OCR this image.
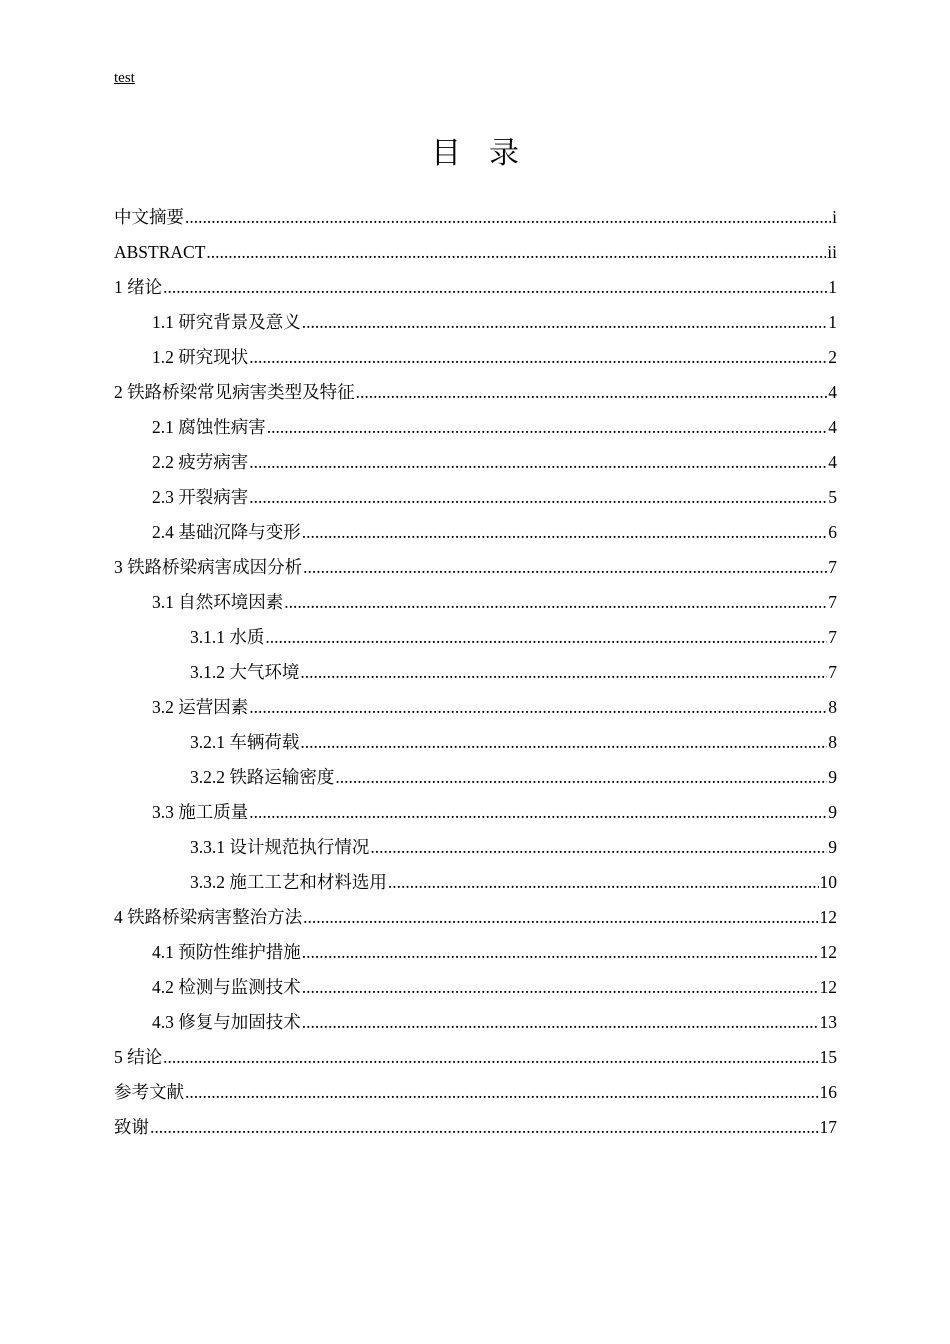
test
目录
中文摘要 .....	i
ABSTRACT .....	ii
1 绪论 .....	1
1.1 研究背景及意义 .....	1
1.2 研究现状 .....	2
2 铁路桥梁常见病害类型及特征 .....	4
2.1 腐蚀性病害 .....	4
2.2 疲劳病害 .....	4
2.3 开裂病害 .....	5
2.4 基础沉降与变形 .....	6
3 铁路桥梁病害成因分析 .....	7
3.1 自然环境因素 .....	7
3.1.1 水质 .....	7
3.1.2 大气环境 .....	7
3.2 运营因素 .....	8
3.2.1 车辆荷载 .....	8
3.2.2 铁路运输密度 .....	9
3.3 施工质量 .....	9
3.3.1 设计规范执行情况 .....	9
3.3.2 施工工艺和材料选用 .....	10
4 铁路桥梁病害整治方法 .....	12
4.1 预防性维护措施 .....	12
4.2 检测与监测技术 .....	12
4.3 修复与加固技术 .....	13
5 结论 .....	15
参考文献 .....	16
致谢 .....	17
